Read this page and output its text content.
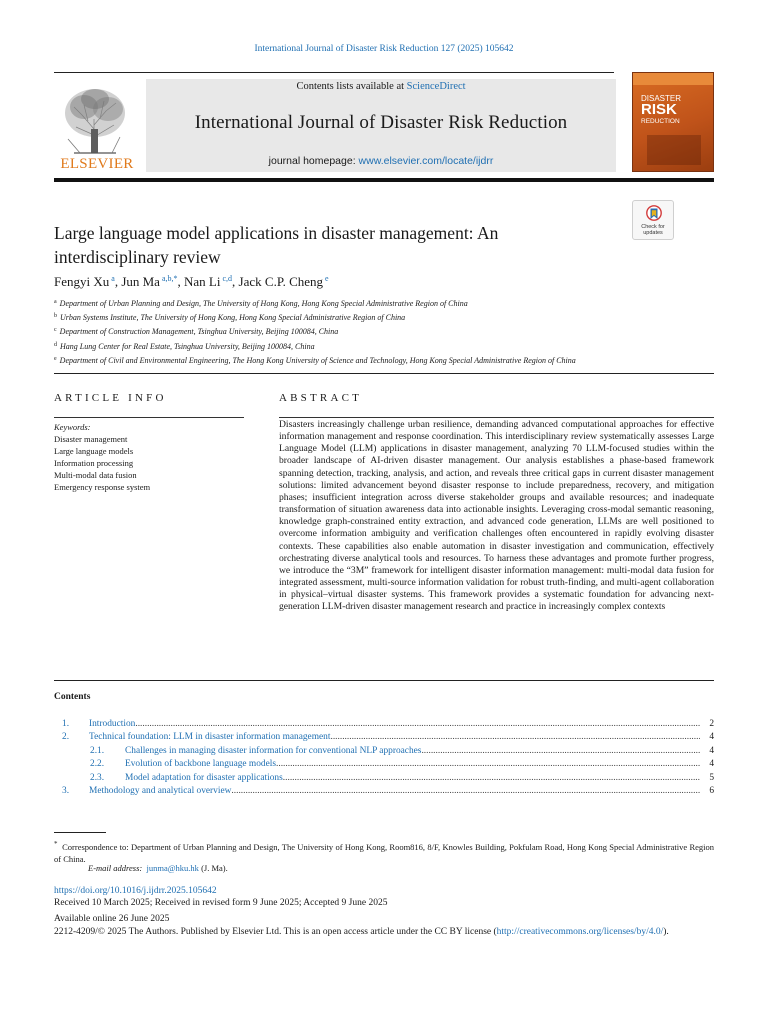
International Journal of Disaster Risk Reduction 127 (2025) 105642
ELSEVIER
Contents lists available at ScienceDirect
International Journal of Disaster Risk Reduction
journal homepage: www.elsevier.com/locate/ijdrr
DISASTER
RISK
REDUCTION
Large language model applications in disaster management: An interdisciplinary review
Check for updates
Fengyi Xu $^a$, Jun Ma $^{a,b,*}$, Nan Li $^{c,d}$, Jack C.P. Cheng $^e$
$^a$ Department of Urban Planning and Design, The University of Hong Kong, Hong Kong Special Administrative Region of China
$^b$ Urban Systems Institute, The University of Hong Kong, Hong Kong Special Administrative Region of China
$^c$ Department of Construction Management, Tsinghua University, Beijing 100084, China
$^d$ Hang Lung Center for Real Estate, Tsinghua University, Beijing 100084, China
$^e$ Department of Civil and Environmental Engineering, The Hong Kong University of Science and Technology, Hong Kong Special Administrative Region of China
ARTICLE INFO	ABSTRACT
Keywords:
Disaster management
Large language models
Information processing
Multi-modal data fusion
Emergency response system
Disasters increasingly challenge urban resilience, demanding advanced computational approaches for effective information management and response coordination. This interdisciplinary review systematically assesses Large Language Model (LLM) applications in disaster management, analyzing 70 LLM-focused studies within the broader landscape of AI-driven disaster management. Our analysis establishes a phase-based framework spanning detection, tracking, analysis, and action, and reveals three critical gaps in current disaster management solutions: limited advancement beyond disaster response to include preparedness, recovery, and mitigation phases; insufficient integration across diverse stakeholder groups and available resources; and inadequate transformation of situation awareness data into actionable insights. Leveraging cross-modal semantic reasoning, knowledge graph-constrained entity extraction, and advanced code generation, LLMs are well positioned to overcome information ambiguity and verification challenges often encountered in rapidly evolving disaster contexts. These capabilities also enable automation in disaster investigation and communication, effectively orchestrating diverse analytical tools and resources. To harness these advantages and promote further progress, we introduce the “3M” framework for intelligent disaster information management: multi-modal data fusion for integrated assessment, multi-source information validation for robust truth-finding, and multi-agent collaboration in physical–virtual disaster systems. This framework provides a systematic foundation for advancing next-generation LLM-driven disaster management research and practice in increasingly complex contexts
Contents
1. Introduction .....	2
2. Technical foundation: LLM in disaster information management .....	4
2.1. Challenges in managing disaster information for conventional NLP approaches .....	4
2.2. Evolution of backbone language models .....	4
2.3. Model adaptation for disaster applications .....	5
3. Methodology and analytical overview .....	6
* Correspondence to: Department of Urban Planning and Design, The University of Hong Kong, Room816, 8/F, Knowles Building, Pokfulam Road, Hong Kong Special Administrative Region of China.
E-mail address: junma@hku.hk (J. Ma).
https://doi.org/10.1016/j.ijdrr.2025.105642
Received 10 March 2025; Received in revised form 9 June 2025; Accepted 9 June 2025
Available online 26 June 2025
2212-4209/© 2025 The Authors. Published by Elsevier Ltd. This is an open access article under the CC BY license (http://creativecommons.org/licenses/by/4.0/).
